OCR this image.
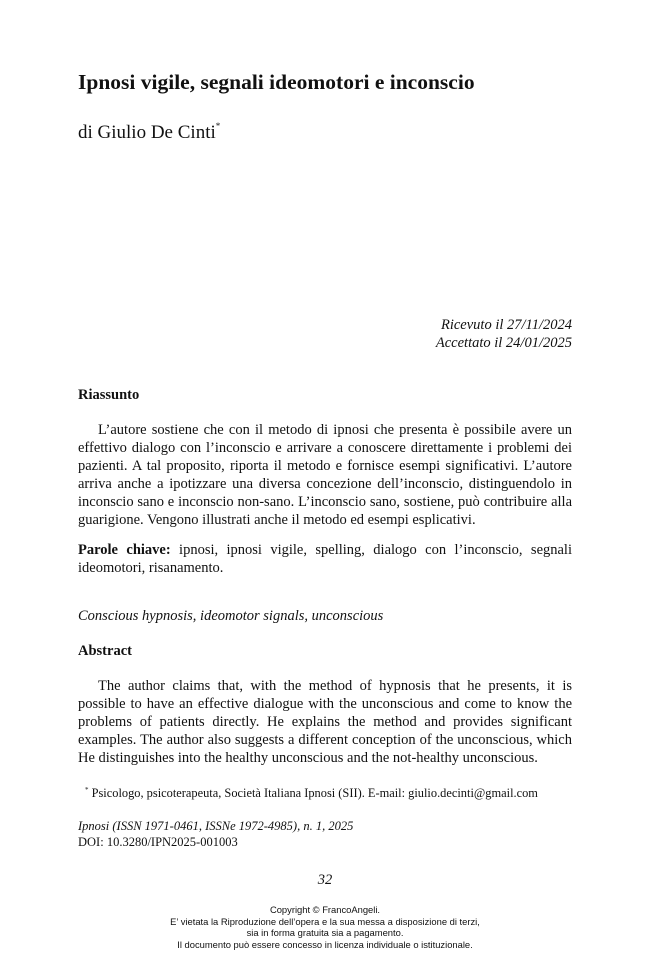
Ipnosi vigile, segnali ideomotori e inconscio
di Giulio De Cinti*
Ricevuto il 27/11/2024
Accettato il 24/01/2025
Riassunto
L’autore sostiene che con il metodo di ipnosi che presenta è possibile avere un effettivo dialogo con l’inconscio e arrivare a conoscere direttamente i problemi dei pazienti. A tal proposito, riporta il metodo e fornisce esempi significativi. L’autore arriva anche a ipotizzare una diversa concezione dell’inconscio, distinguendolo in inconscio sano e inconscio non-sano. L’inconscio sano, sostiene, può contribuire alla guarigione. Vengono illustrati anche il metodo ed esempi esplicativi.
Parole chiave: ipnosi, ipnosi vigile, spelling, dialogo con l’inconscio, segnali ideomotori, risanamento.
Conscious hypnosis, ideomotor signals, unconscious
Abstract
The author claims that, with the method of hypnosis that he presents, it is possible to have an effective dialogue with the unconscious and come to know the problems of patients directly. He explains the method and provides significant examples. The author also suggests a different conception of the unconscious, which He distinguishes into the healthy unconscious and the not-healthy unconscious.
* Psicologo, psicoterapeuta, Società Italiana Ipnosi (SII). E-mail: giulio.decinti@gmail.com
Ipnosi (ISSN 1971-0461, ISSNe 1972-4985), n. 1, 2025
DOI: 10.3280/IPN2025-001003
32
Copyright © FrancoAngeli.
E’ vietata la Riproduzione dell’opera e la sua messa a disposizione di terzi,
sia in forma gratuita sia a pagamento.
Il documento può essere concesso in licenza individuale o istituzionale.
